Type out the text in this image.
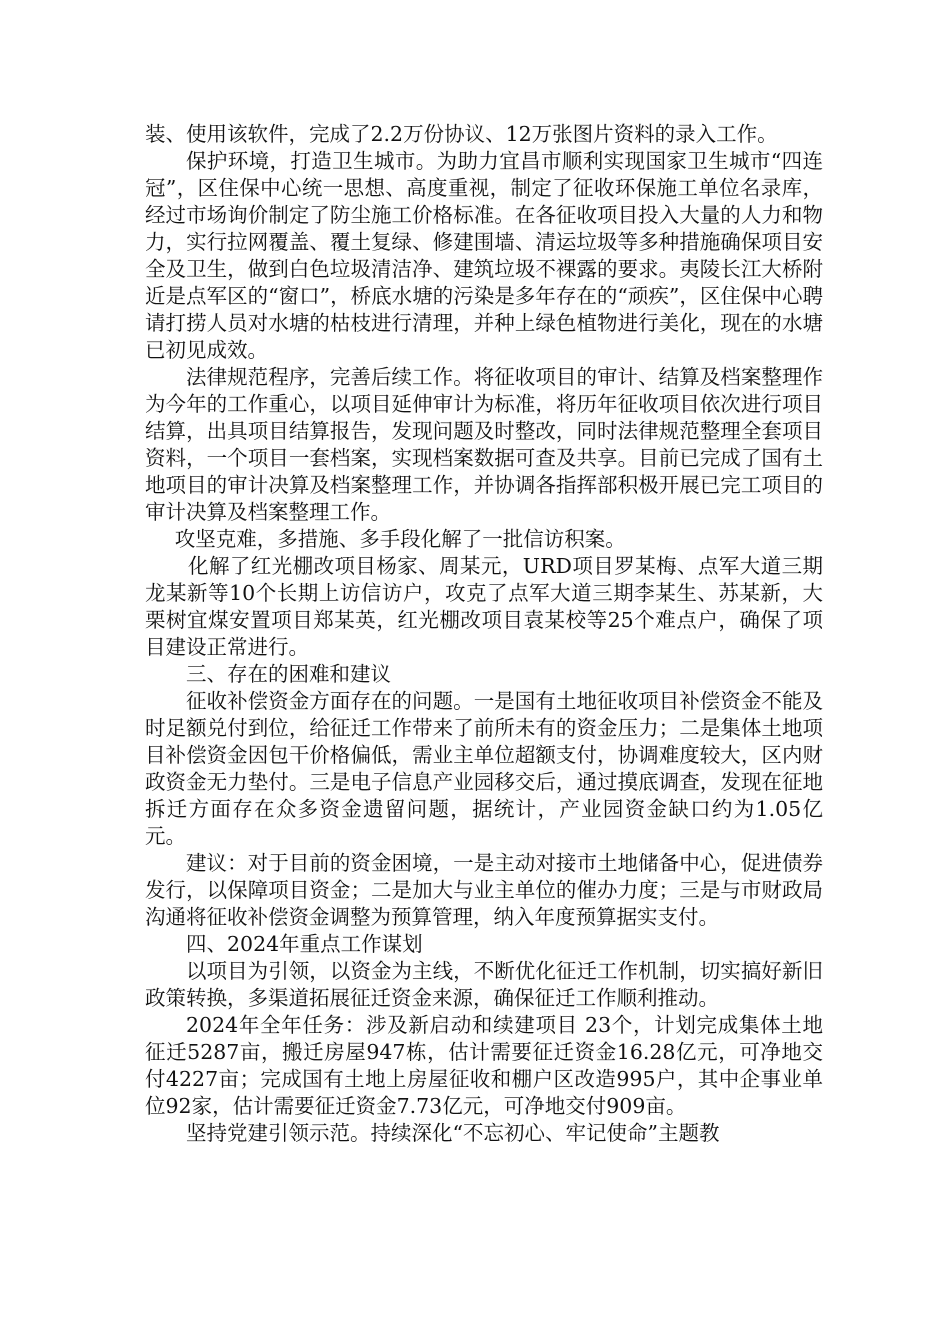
装、使用该软件，完成了2.2万份协议、12万张图片资料的录入工作。

保护环境，打造卫生城市。为助力宜昌市顺利实现国家卫生城市“四连冠”，区住保中心统一思想、高度重视，制定了征收环保施工单位名录库，经过市场询价制定了防尘施工价格标准。在各征收项目投入大量的人力和物力，实行拉网覆盖、覆土复绿、修建围墙、清运垃圾等多种措施确保项目安全及卫生，做到白色垃圾清洁净、建筑垃圾不裸露的要求。夷陵长江大桥附近是点军区的“窗口”，桥底水塘的污染是多年存在的“顽疾”，区住保中心聘请打捞人员对水塘的枯枝进行清理，并种上绿色植物进行美化，现在的水塘已初见成效。

法律规范程序，完善后续工作。将征收项目的审计、结算及档案整理作为今年的工作重心，以项目延伸审计为标准，将历年征收项目依次进行项目结算，出具项目结算报告，发现问题及时整改，同时法律规范整理全套项目资料，一个项目一套档案，实现档案数据可查及共享。目前已完成了国有土地项目的审计决算及档案整理工作，并协调各指挥部积极开展已完工项目的审计决算及档案整理工作。

攻坚克难，多措施、多手段化解了一批信访积案。

化解了红光棚改项目杨家、周某元，URD项目罗某梅、点军大道三期龙某新等10个长期上访信访户，攻克了点军大道三期李某生、苏某新，大栗树宜煤安置项目郑某英，红光棚改项目袁某校等25个难点户，确保了项目建设正常进行。

三、存在的困难和建议

征收补偿资金方面存在的问题。一是国有土地征收项目补偿资金不能及时足额兑付到位，给征迁工作带来了前所未有的资金压力；二是集体土地项目补偿资金因包干价格偏低，需业主单位超额支付，协调难度较大，区内财政资金无力垫付。三是电子信息产业园移交后，通过摸底调查，发现在征地拆迁方面存在众多资金遗留问题，据统计，产业园资金缺口约为1.05亿元。

建议：对于目前的资金困境，一是主动对接市土地储备中心，促进债券发行，以保障项目资金；二是加大与业主单位的催办力度；三是与市财政局沟通将征收补偿资金调整为预算管理，纳入年度预算据实支付。

四、2024年重点工作谋划

以项目为引领，以资金为主线，不断优化征迁工作机制，切实搞好新旧政策转换，多渠道拓展征迁资金来源，确保征迁工作顺利推动。

2024年全年任务：涉及新启动和续建项目 23个，计划完成集体土地征迁5287亩，搬迁房屋947栋，估计需要征迁资金16.28亿元，可净地交付4227亩；完成国有土地上房屋征收和棚户区改造995户，其中企事业单位92家，估计需要征迁资金7.73亿元，可净地交付909亩。

坚持党建引领示范。持续深化“不忘初心、牢记使命”主题教
